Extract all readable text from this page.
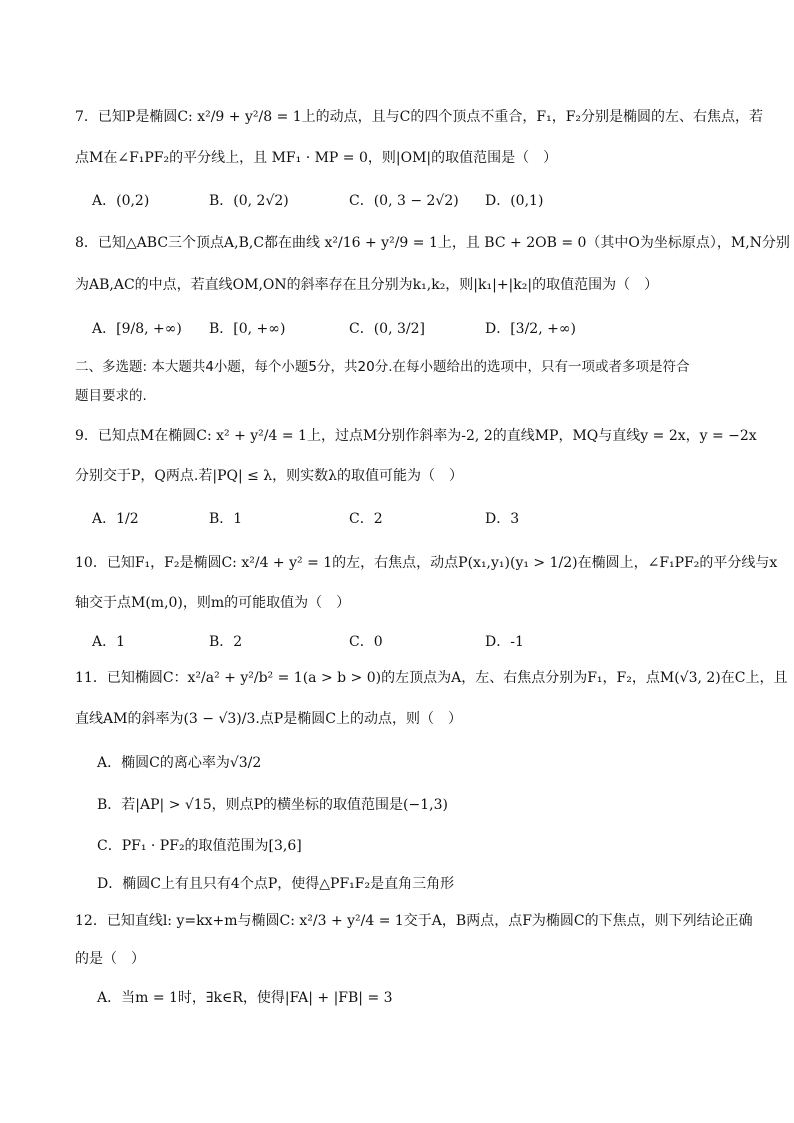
7．已知P是椭圆C: x²/9 + y²/8 = 1上的动点，且与C的四个顶点不重合，F₁，F₂分别是椭圆的左、右焦点，若
点M在∠F₁PF₂的平分线上，且 MF₁ · MP = 0，则|OM|的取值范围是（　）
A．(0,2)	B．(0, 2√2)	C．(0, 3 − 2√2) D．(0,1)
8．已知△ABC三个顶点A,B,C都在曲线 x²/16 + y²/9 = 1上，且 BC + 2OB = 0（其中O为坐标原点），M,N分别
为AB,AC的中点，若直线OM,ON的斜率存在且分别为k₁,k₂，则|k₁|+|k₂|的取值范围为（　）
A．[9/8, +∞) B．[0, +∞)	C．(0, 3/2]	D．[3/2, +∞)
二、多选题: 本大题共4小题，每个小题5分，共20分.在每小题给出的选项中，只有一项或者多项是符合
题目要求的.
9．已知点M在椭圆C: x² + y²/4 = 1上，过点M分别作斜率为-2, 2的直线MP，MQ与直线y = 2x，y = −2x
分别交于P，Q两点.若|PQ| ≤ λ，则实数λ的取值可能为（　）
A．1/2	B．1	C．2	D．3
10．已知F₁，F₂是椭圆C: x²/4 + y² = 1的左，右焦点，动点P(x₁,y₁)(y₁ > 1/2)在椭圆上，∠F₁PF₂的平分线与x
轴交于点M(m,0)，则m的可能取值为（　）
A．1	B．2	C．0	D．-1
11．已知椭圆C：x²/a² + y²/b² = 1(a > b > 0)的左顶点为A，左、右焦点分别为F₁，F₂，点M(√3, 2)在C上，且
直线AM的斜率为(3 − √3)/3.点P是椭圆C上的动点，则（　）
A．椭圆C的离心率为√3/2
B．若|AP| > √15，则点P的横坐标的取值范围是(−1,3)
C．PF₁ · PF₂的取值范围为[3,6]
D．椭圆C上有且只有4个点P，使得△PF₁F₂是直角三角形
12．已知直线l: y=kx+m与椭圆C: x²/3 + y²/4 = 1交于A，B两点，点F为椭圆C的下焦点，则下列结论正确
的是（　）
A．当m = 1时，∃k∈R，使得|FA| + |FB| = 3
